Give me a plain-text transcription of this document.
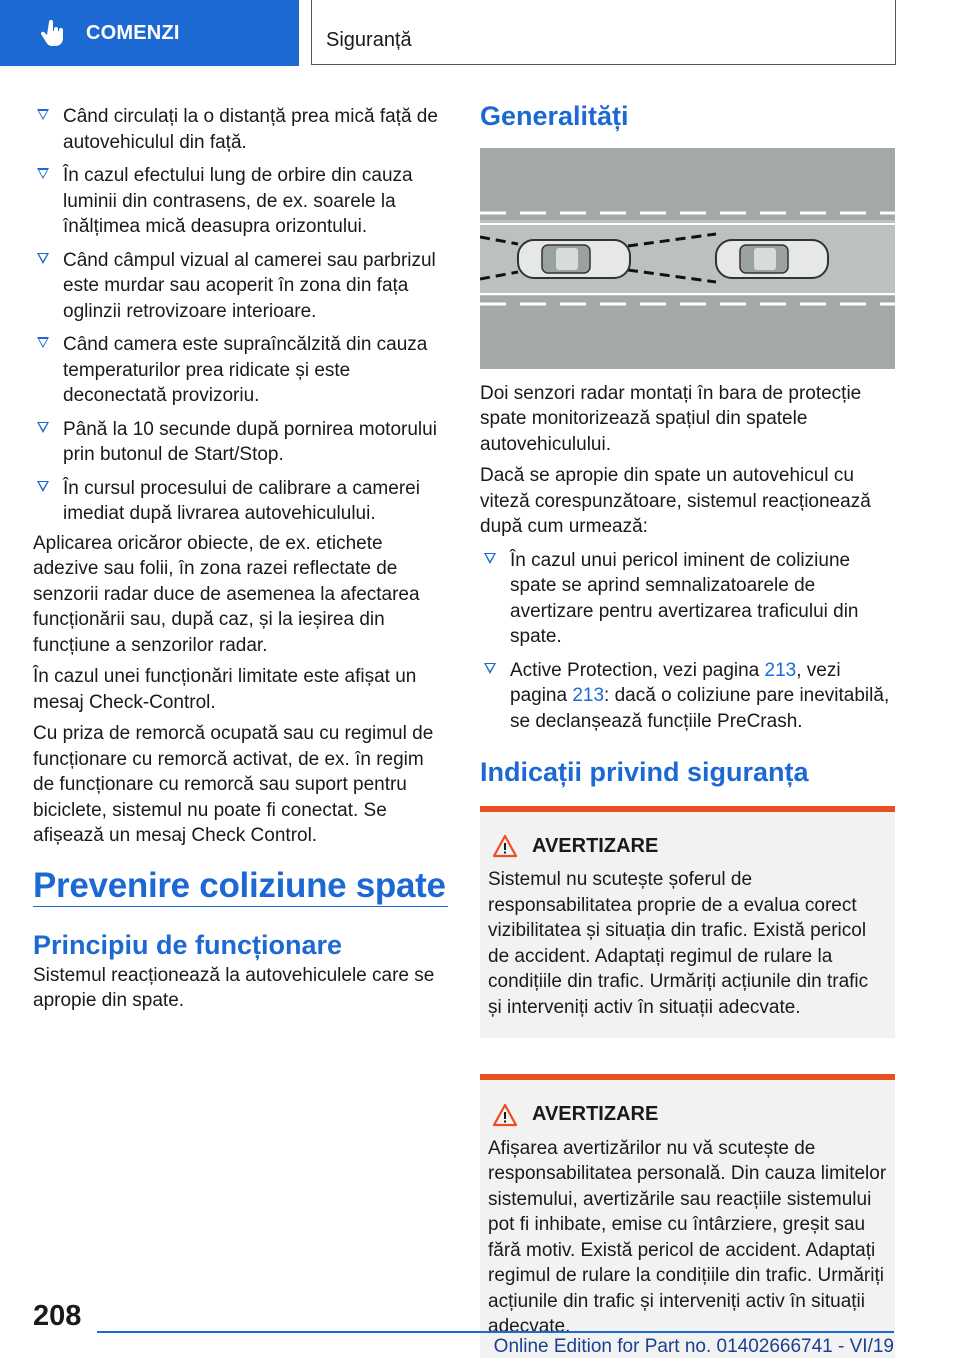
COMENZI	Siguranță
Când circulați la o distanță prea mică față de autovehiculul din față.
În cazul efectului lung de orbire din cauza luminii din contrasens, de ex. soarele la înălțimea mică deasupra orizontului.
Când câmpul vizual al camerei sau parbrizul este murdar sau acoperit în zona din fața oglinzii retrovizoare interioare.
Când camera este supraîncălzită din cauza temperaturilor prea ridicate și este deconectată provizoriu.
Până la 10 secunde după pornirea motorului prin butonul de Start/Stop.
În cursul procesului de calibrare a camerei imediat după livrarea autovehiculului.

Aplicarea oricăror obiecte, de ex. etichete adezive sau folii, în zona razei reflectate de senzorii radar duce de asemenea la afectarea funcționării sau, după caz, și la ieșirea din funcțiune a senzorilor radar.

În cazul unei funcționări limitate este afișat un mesaj Check-Control.

Cu priza de remorcă ocupată sau cu regimul de funcționare cu remorcă activat, de ex. în regim de funcționare cu remorcă sau suport pentru biciclete, sistemul nu poate fi conectat. Se afișează un mesaj Check Control.

Prevenire coliziune spate
Principiu de funcționare

Sistemul reacționează la autovehiculele care se apropie din spate.

Generalități

Doi senzori radar montați în bara de protecție spate monitorizează spațiul din spatele autovehiculului.

Dacă se apropie din spate un autovehicul cu viteză corespunzătoare, sistemul reacționează după cum urmează:

În cazul unui pericol iminent de coliziune spate se aprind semnalizatoarele de avertizare pentru avertizarea traficului din spate.
Active Protection, vezi pagina 213, vezi pagina 213: dacă o coliziune pare inevitabilă, se declanșează funcțiile PreCrash.
Indicații privind siguranța
AVERTIZARE
Sistemul nu scutește șoferul de responsabilitatea proprie de a evalua corect vizibilitatea și situația din trafic. Există pericol de accident. Adaptați regimul de rulare la condițiile din trafic. Urmăriți acțiunile din trafic și interveniți activ în situații adecvate.
AVERTIZARE
Afișarea avertizărilor nu vă scutește de responsabilitatea personală. Din cauza limitelor sistemului, avertizările sau reacțiile sistemului pot fi inhibate, emise cu întârziere, greșit sau fără motiv. Există pericol de accident. Adaptați regimul de rulare la condițiile din trafic. Urmăriți acțiunile din trafic și interveniți activ în situații adecvate.
208
Online Edition for Part no. 01402666741 - VI/19
